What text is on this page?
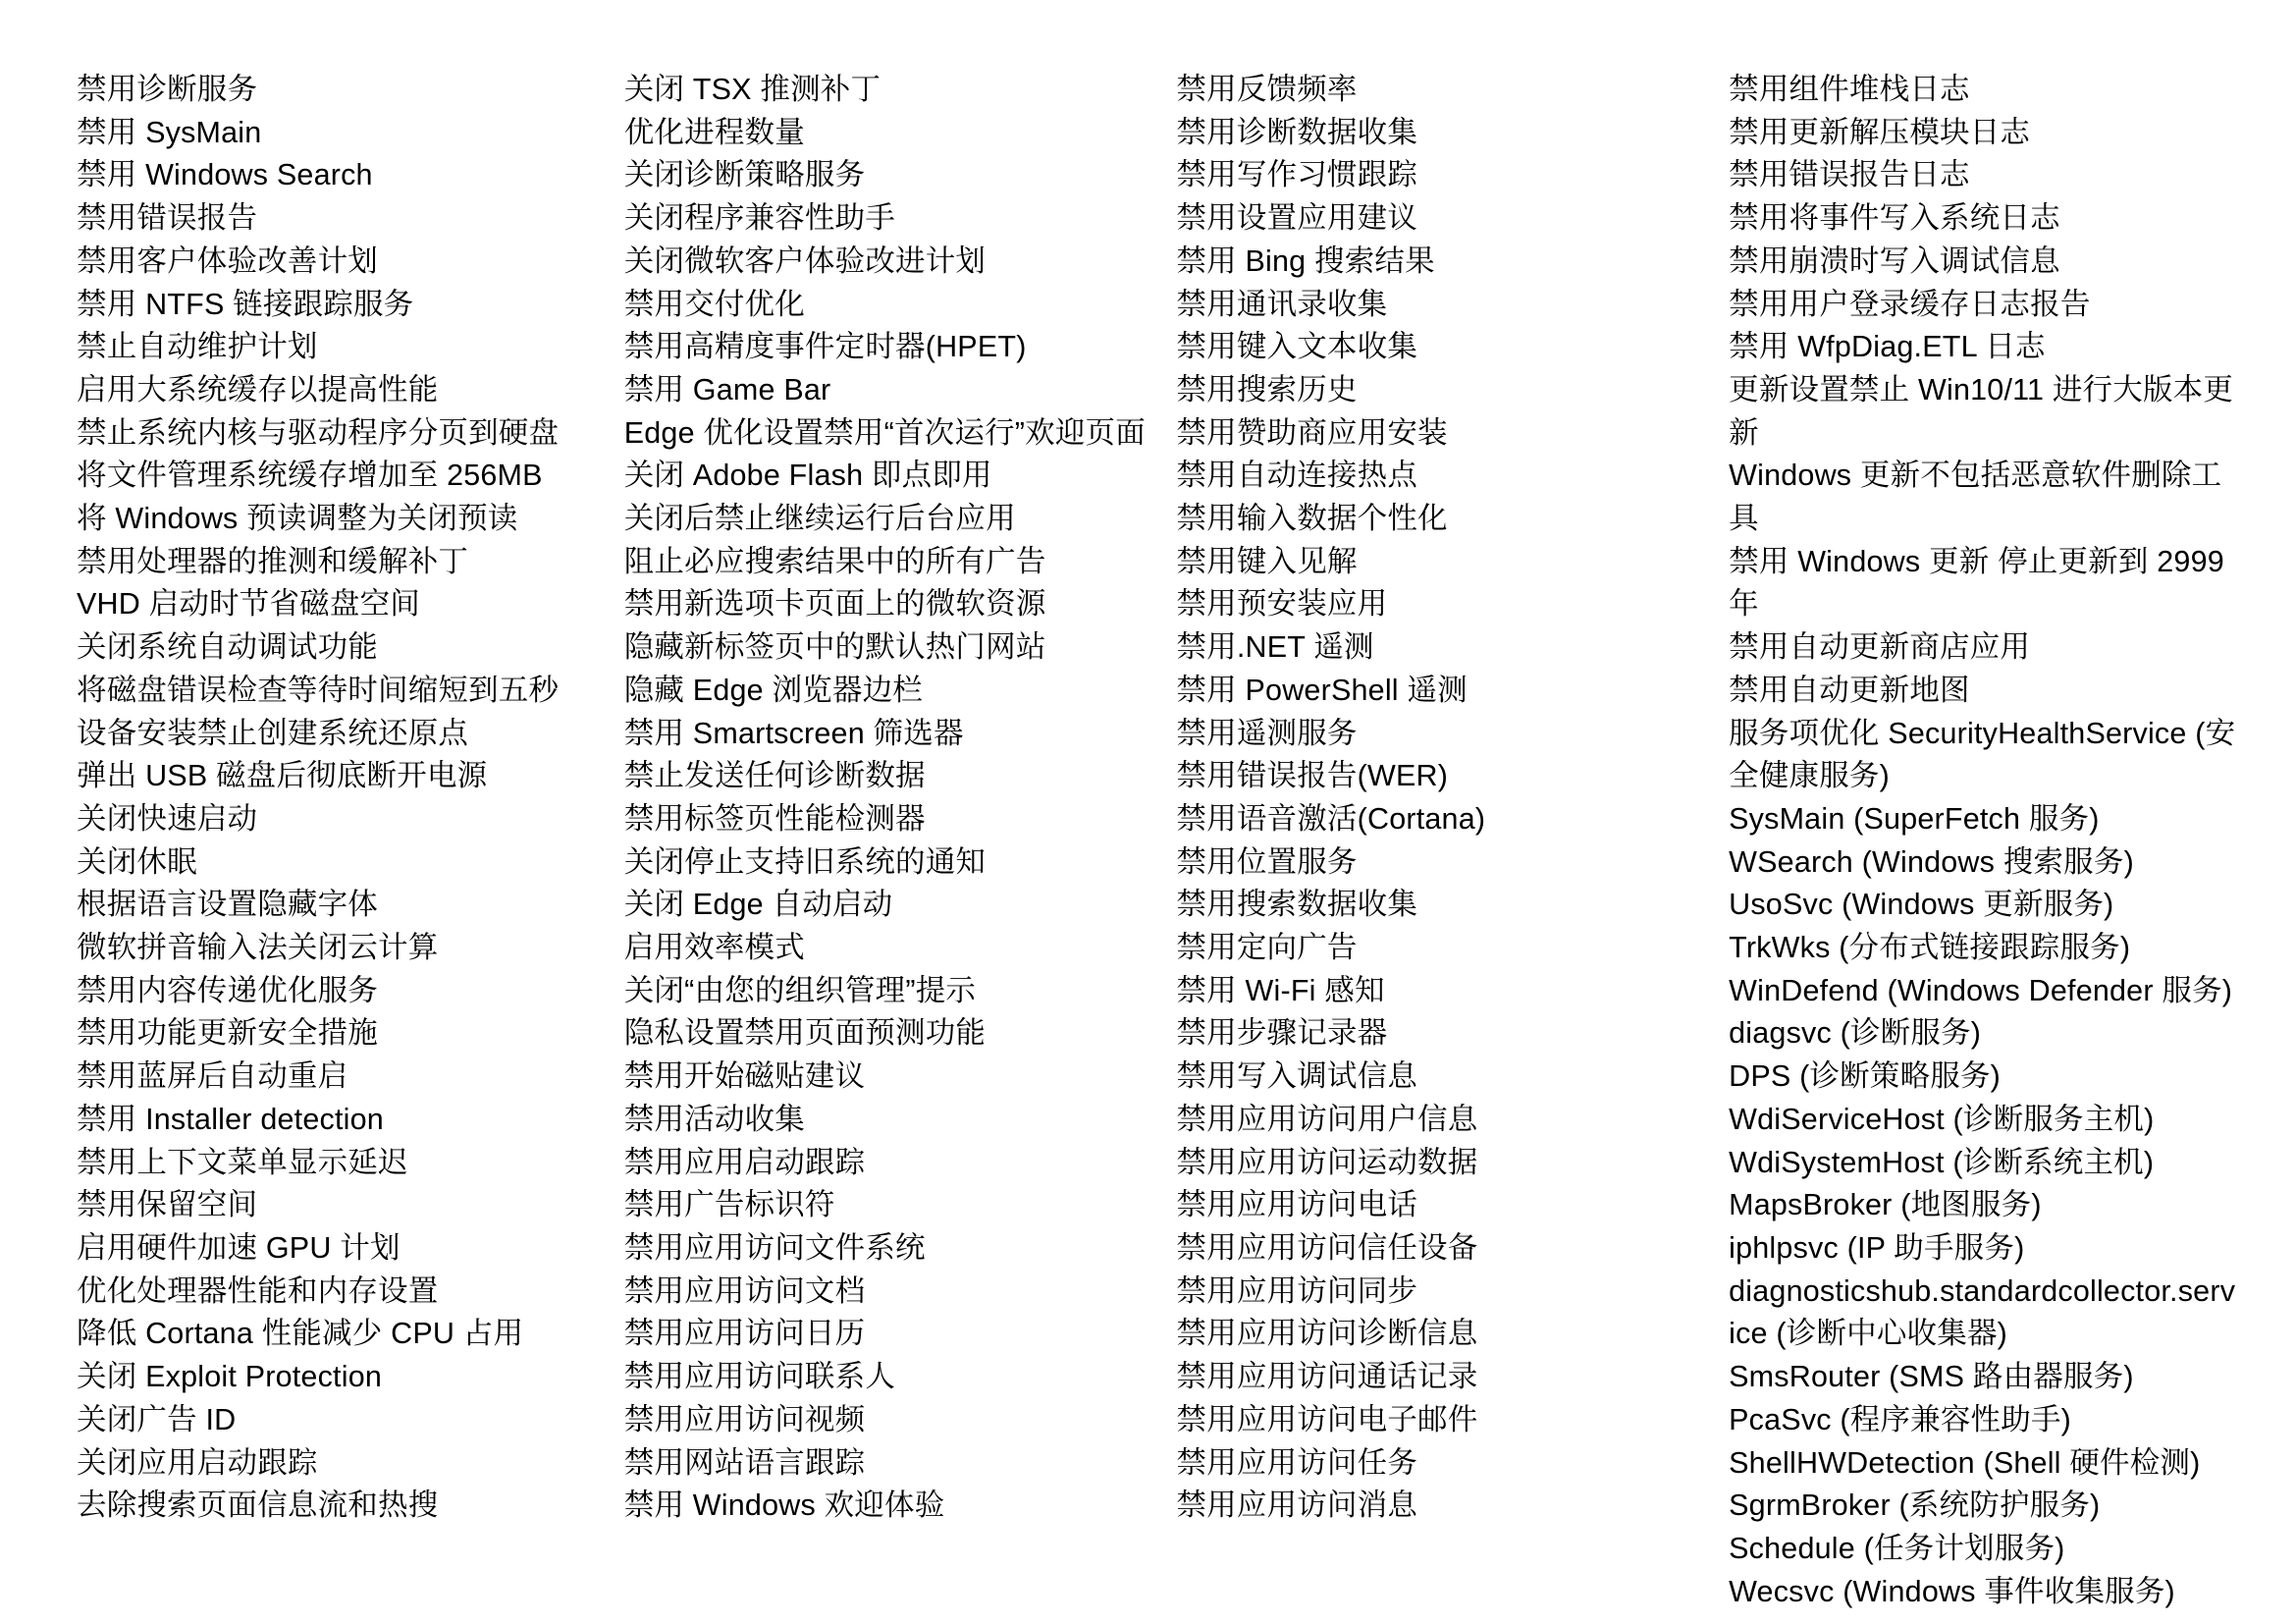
禁用诊断服务
禁用 SysMain
禁用 Windows Search
禁用错误报告
禁用客户体验改善计划
禁用 NTFS 链接跟踪服务
禁止自动维护计划
启用大系统缓存以提高性能
禁止系统内核与驱动程序分页到硬盘
将文件管理系统缓存增加至 256MB
将 Windows 预读调整为关闭预读
禁用处理器的推测和缓解补丁
VHD 启动时节省磁盘空间
关闭系统自动调试功能
将磁盘错误检查等待时间缩短到五秒
设备安装禁止创建系统还原点
弹出 USB 磁盘后彻底断开电源
关闭快速启动
关闭休眠
根据语言设置隐藏字体
微软拼音输入法关闭云计算
禁用内容传递优化服务
禁用功能更新安全措施
禁用蓝屏后自动重启
禁用 Installer detection
禁用上下文菜单显示延迟
禁用保留空间
启用硬件加速 GPU 计划
优化处理器性能和内存设置
降低 Cortana 性能减少 CPU 占用
关闭 Exploit Protection
关闭广告 ID
关闭应用启动跟踪
去除搜索页面信息流和热搜
关闭 TSX 推测补丁
优化进程数量
关闭诊断策略服务
关闭程序兼容性助手
关闭微软客户体验改进计划
禁用交付优化
禁用高精度事件定时器(HPET)
禁用 Game Bar
Edge 优化设置禁用“首次运行”欢迎页面
关闭 Adobe Flash 即点即用
关闭后禁止继续运行后台应用
阻止必应搜索结果中的所有广告
禁用新选项卡页面上的微软资源
隐藏新标签页中的默认热门网站
隐藏 Edge 浏览器边栏
禁用 Smartscreen 筛选器
禁止发送任何诊断数据
禁用标签页性能检测器
关闭停止支持旧系统的通知
关闭 Edge 自动启动
启用效率模式
关闭“由您的组织管理”提示
隐私设置禁用页面预测功能
禁用开始磁贴建议
禁用活动收集
禁用应用启动跟踪
禁用广告标识符
禁用应用访问文件系统
禁用应用访问文档
禁用应用访问日历
禁用应用访问联系人
禁用应用访问视频
禁用网站语言跟踪
禁用 Windows 欢迎体验
禁用反馈频率
禁用诊断数据收集
禁用写作习惯跟踪
禁用设置应用建议
禁用 Bing 搜索结果
禁用通讯录收集
禁用键入文本收集
禁用搜索历史
禁用赞助商应用安装
禁用自动连接热点
禁用输入数据个性化
禁用键入见解
禁用预安装应用
禁用.NET 遥测
禁用 PowerShell 遥测
禁用遥测服务
禁用错误报告(WER)
禁用语音激活(Cortana)
禁用位置服务
禁用搜索数据收集
禁用定向广告
禁用 Wi-Fi 感知
禁用步骤记录器
禁用写入调试信息
禁用应用访问用户信息
禁用应用访问运动数据
禁用应用访问电话
禁用应用访问信任设备
禁用应用访问同步
禁用应用访问诊断信息
禁用应用访问通话记录
禁用应用访问电子邮件
禁用应用访问任务
禁用应用访问消息
禁用组件堆栈日志
禁用更新解压模块日志
禁用错误报告日志
禁用将事件写入系统日志
禁用崩溃时写入调试信息
禁用用户登录缓存日志报告
禁用 WfpDiag.ETL 日志
更新设置禁止 Win10/11 进行大版本更新
Windows 更新不包括恶意软件删除工具
禁用 Windows 更新 停止更新到 2999 年
禁用自动更新商店应用
禁用自动更新地图
服务项优化 SecurityHealthService (安全健康服务)
SysMain (SuperFetch 服务)
WSearch (Windows 搜索服务)
UsoSvc (Windows 更新服务)
TrkWks (分布式链接跟踪服务)
WinDefend (Windows Defender 服务)
diagsvc (诊断服务)
DPS (诊断策略服务)
WdiServiceHost (诊断服务主机)
WdiSystemHost (诊断系统主机)
MapsBroker (地图服务)
iphlpsvc (IP 助手服务)
diagnosticshub.standardcollector.service (诊断中心收集器)
SmsRouter (SMS 路由器服务)
PcaSvc (程序兼容性助手)
ShellHWDetection (Shell 硬件检测)
SgrmBroker (系统防护服务)
Schedule (任务计划服务)
Wecsvc (Windows 事件收集服务)
